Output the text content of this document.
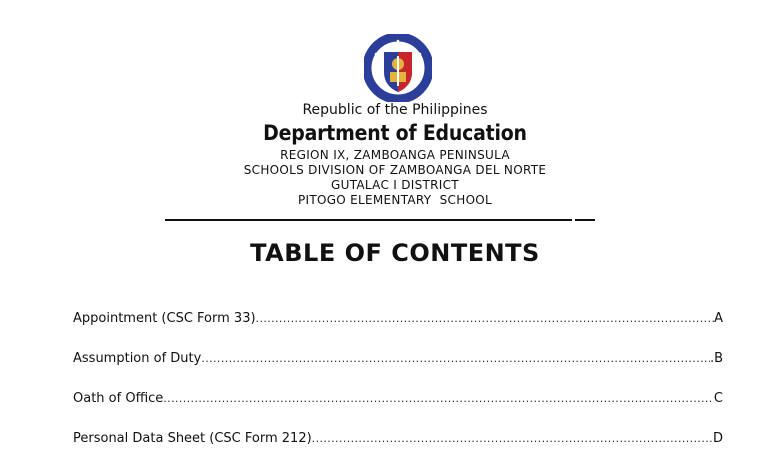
Republic of the Philippines
Department of Education
REGION IX, ZAMBOANGA PENINSULA
SCHOOLS DIVISION OF ZAMBOANGA DEL NORTE
GUTALAC I DISTRICT
PITOGO ELEMENTARY  SCHOOL
TABLE OF CONTENTS
Appointment (CSC Form 33) .....	A
Assumption of Duty .....	.B
Oath of Office .....	C
Personal Data Sheet (CSC Form 212) .....	D
